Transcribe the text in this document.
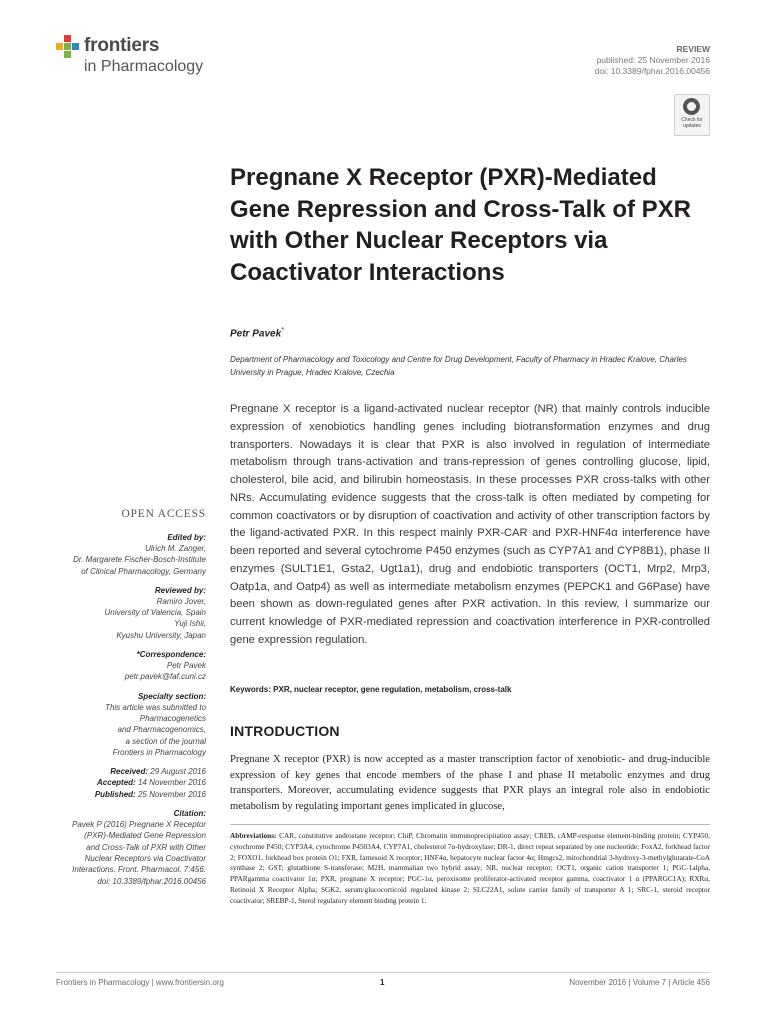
frontiers
in Pharmacology
REVIEW
published: 25 November 2016
doi: 10.3389/fphar.2016.00456
Check for
updates
Pregnane X Receptor (PXR)-Mediated Gene Repression and Cross-Talk of PXR with Other Nuclear Receptors via Coactivator Interactions
Petr Pavek*
Department of Pharmacology and Toxicology and Centre for Drug Development, Faculty of Pharmacy in Hradec Kralove, Charles University in Prague, Hradec Kralove, Czechia

Pregnane X receptor is a ligand-activated nuclear receptor (NR) that mainly controls inducible expression of xenobiotics handling genes including biotransformation enzymes and drug transporters. Nowadays it is clear that PXR is also involved in regulation of intermediate metabolism through trans-activation and trans-repression of genes controlling glucose, lipid, cholesterol, bile acid, and bilirubin homeostasis. In these processes PXR cross-talks with other NRs. Accumulating evidence suggests that the cross-talk is often mediated by competing for common coactivators or by disruption of coactivation and activity of other transcription factors by the ligand-activated PXR. In this respect mainly PXR-CAR and PXR-HNF4α interference have been reported and several cytochrome P450 enzymes (such as CYP7A1 and CYP8B1), phase II enzymes (SULT1E1, Gsta2, Ugt1a1), drug and endobiotic transporters (OCT1, Mrp2, Mrp3, Oatp1a, and Oatp4) as well as intermediate metabolism enzymes (PEPCK1 and G6Pase) have been shown as down-regulated genes after PXR activation. In this review, I summarize our current knowledge of PXR-mediated repression and coactivation interference in PXR-controlled gene expression regulation.

Keywords: PXR, nuclear receptor, gene regulation, metabolism, cross-talk
INTRODUCTION

Pregnane X receptor (PXR) is now accepted as a master transcription factor of xenobiotic- and drug-inducible expression of key genes that encode members of the phase I and phase II metabolic enzymes and drug transporters. Moreover, accumulating evidence suggests that PXR plays an integral role also in endobiotic metabolism by regulating important genes implicated in glucose,

Abbreviations: CAR, constitutive androstane receptor; ChiP, Chromatin immunoprecipitation assay; CREB, cAMP-response element-binding protein; CYP450, cytochrome P450; CYP3A4, cytochrome P4503A4, CYP7A1, cholesterol 7α-hydroxylase; DR-1, direct repeat separated by one nucleotide; FoxA2, forkhead factor 2; FOXO1, forkhead box protein O1; FXR, farnesoid X receptor; HNF4α, hepatocyte nuclear factor 4α; Hmgcs2, mitochondrial 3-hydroxy-3-methylglutarate-CoA synthase 2; GST; glutathione S-transferase; M2H, mammalian two hybrid assay; NR, nuclear receptor; OCT1, organic cation transporter 1; PGC-1alpha, PPARgamma coactivator 1α; PXR, pregnane X receptor; PGC-1α, peroxisome proliferator-activated receptor gamma, coactivator 1 α (PPARGC1A); RXRα, Retinoid X Receptor Alpha; SGK2, serum/glucocorticoid regulated kinase 2; SLC22A1, solute carrier family of transporter A 1; SRC-1, steroid receptor coactivator; SREBP-1, Sterol regulatory element binding protein 1.

OPEN ACCESS
Edited by:
Ulrich M. Zanger,
Dr. Margarete Fischer-Bosch-Institute
of Clinical Pharmacology, Germany
Reviewed by:
Ramiro Jover,
University of Valencia, Spain
Yuji Ishii,
Kyushu University, Japan
*Correspondence:
Petr Pavek
petr.pavek@faf.cuni.cz
Specialty section:
This article was submitted to
Pharmacogenetics
and Pharmacogenomics,
a section of the journal
Frontiers in Pharmacology
Received: 29 August 2016
Accepted: 14 November 2016
Published: 25 November 2016
Citation:
Pavek P (2016) Pregnane X Receptor
(PXR)-Mediated Gene Repression
and Cross-Talk of PXR with Other
Nuclear Receptors via Coactivator
Interactions. Front. Pharmacol. 7:456.
doi: 10.3389/fphar.2016.00456
Frontiers in Pharmacology | www.frontiersin.org	1	November 2016 | Volume 7 | Article 456
